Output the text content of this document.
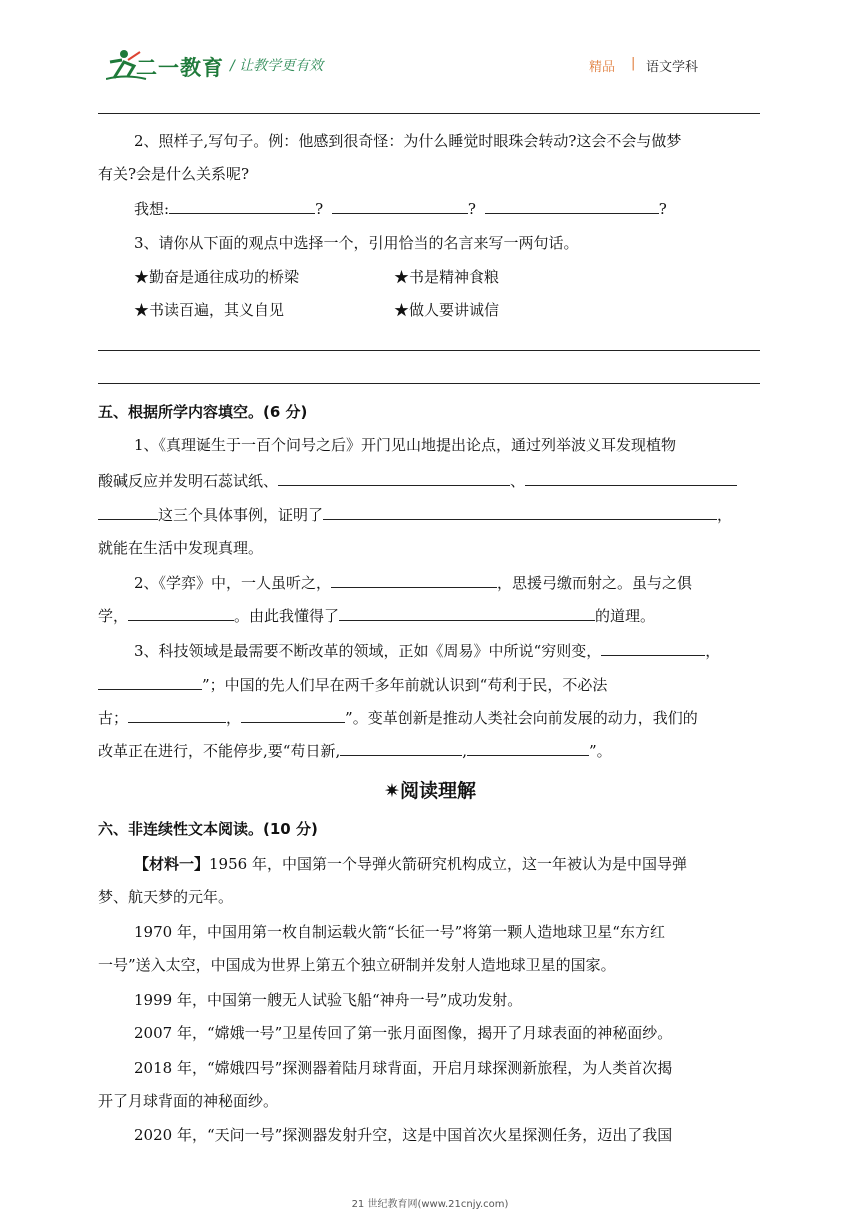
二一教育 / 让教学更有效	精品 | 语文学科
2、照样子,写句子。例：他感到很奇怪：为什么睡觉时眼珠会转动?这会不会与做梦
有关?会是什么关系呢?
我想:	?	?	?
3、请你从下面的观点中选择一个，引用恰当的名言来写一两句话。
★勤奋是通往成功的桥梁	★书是精神食粮
★书读百遍，其义自见	★做人要讲诚信
五、根据所学内容填空。(6 分)
1、《真理诞生于一百个问号之后》开门见山地提出论点，通过列举波义耳发现植物
酸碱反应并发明石蕊试纸、	、
这三个具体事例，证明了	，
就能在生活中发现真理。
2、《学弈》中，一人虽听之，	，思援弓缴而射之。虽与之俱
学，	。由此我懂得了	的道理。
3、科技领域是最需要不断改革的领域，正如《周易》中所说“穷则变，	，
”；中国的先人们早在两千多年前就认识到“苟利于民，不必法
古；	，	”。变革创新是推动人类社会向前发展的动力，我们的
改革正在进行，不能停步,要“苟日新,	,	”。
✷阅读理解
六、非连续性文本阅读。(10 分)
【材料一】1956 年，中国第一个导弹火箭研究机构成立，这一年被认为是中国导弹
梦、航天梦的元年。
1970 年，中国用第一枚自制运载火箭“长征一号”将第一颗人造地球卫星“东方红
一号”送入太空，中国成为世界上第五个独立研制并发射人造地球卫星的国家。
1999 年，中国第一艘无人试验飞船“神舟一号”成功发射。
2007 年，“嫦娥一号”卫星传回了第一张月面图像，揭开了月球表面的神秘面纱。
2018 年，“嫦娥四号”探测器着陆月球背面，开启月球探测新旅程，为人类首次揭
开了月球背面的神秘面纱。
2020 年，“天问一号”探测器发射升空，这是中国首次火星探测任务，迈出了我国
21 世纪教育网(www.21cnjy.com)
